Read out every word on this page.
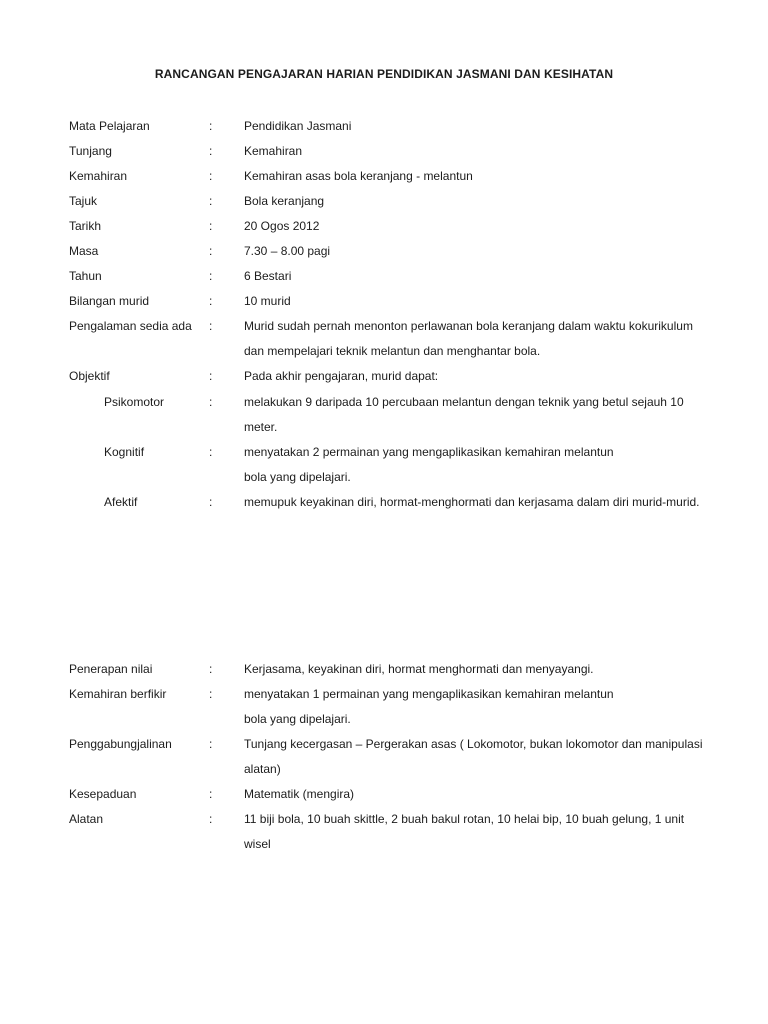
RANCANGAN PENGAJARAN HARIAN PENDIDIKAN JASMANI DAN KESIHATAN
Mata Pelajaran	:	Pendidikan Jasmani
Tunjang	:	Kemahiran
Kemahiran	:	Kemahiran asas bola keranjang - melantun
Tajuk	:	Bola keranjang
Tarikh	:	20 Ogos 2012
Masa	:	7.30 – 8.00 pagi
Tahun	:	6 Bestari
Bilangan murid	:	10 murid
Pengalaman sedia ada :	Murid sudah pernah menonton perlawanan bola keranjang dalam waktu kokurikulum
dan mempelajari teknik melantun dan menghantar bola.
Objektif	:	Pada akhir pengajaran, murid dapat:
Psikomotor	:	melakukan 9 daripada 10 percubaan melantun dengan teknik yang betul sejauh 10
meter.
Kognitif	:	menyatakan 2 permainan yang mengaplikasikan kemahiran melantun
bola yang dipelajari.
Afektif	:	memupuk keyakinan diri, hormat-menghormati dan kerjasama dalam diri murid-murid.
Penerapan nilai	:	Kerjasama, keyakinan diri, hormat menghormati dan menyayangi.
Kemahiran berfikir	:	menyatakan 1 permainan yang mengaplikasikan kemahiran melantun
bola yang dipelajari.
Penggabungjalinan	:	Tunjang kecergasan – Pergerakan asas ( Lokomotor, bukan lokomotor dan manipulasi
alatan)
Kesepaduan	:	Matematik (mengira)
Alatan	:	11 biji bola, 10 buah skittle, 2 buah bakul rotan, 10 helai bip, 10 buah gelung, 1 unit
wisel
